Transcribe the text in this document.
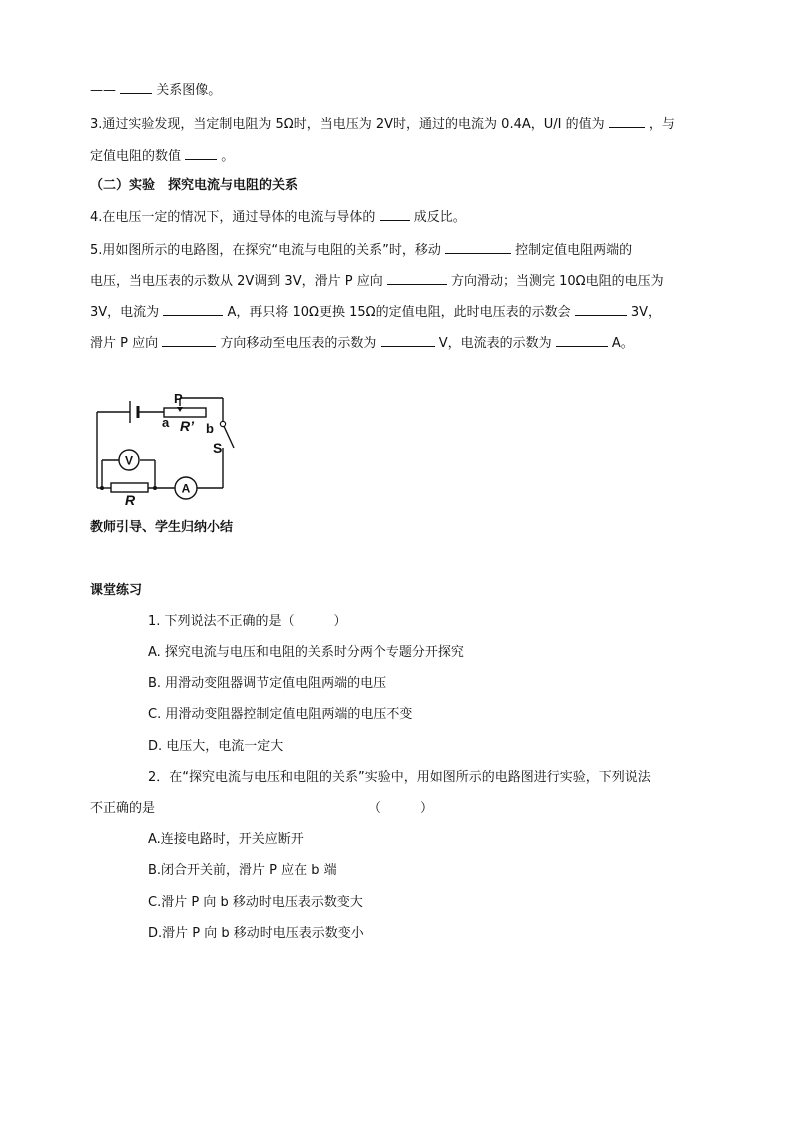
——	关系图像。
3.通过实验发现，当定制电阻为 5Ω时，当电压为 2V时，通过的电流为 0.4A，U/I 的值为	，与
定值电阻的数值	。
（二）实验　探究电流与电阻的关系
4.在电压一定的情况下，通过导体的电流与导体的	成反比。
5.用如图所示的电路图，在探究“电流与电阻的关系”时，移动	控制定值电阻两端的
电压，当电压表的示数从 2V调到 3V，滑片 P 应向	方向滑动；当测完 10Ω电阻的电压为
3V，电流为	A，再只将 10Ω更换 15Ω的定值电阻，此时电压表的示数会	3V，
滑片 P 应向	方向移动至电压表的示数为	V，电流表的示数为	A。
P
a R’ b
S
V
A
R
教师引导、学生归纳小结
课堂练习
1. 下列说法不正确的是（　　　）
A. 探究电流与电压和电阻的关系时分两个专题分开探究
B. 用滑动变阻器调节定值电阻两端的电压
C. 用滑动变阻器控制定值电阻两端的电压不变
D. 电压大，电流一定大
2．在“探究电流与电压和电阻的关系”实验中，用如图所示的电路图进行实验，下列说法
不正确的是	（　　　）
A.连接电路时，开关应断开
B.闭合开关前，滑片 P 应在 b 端
C.滑片 P 向 b 移动时电压表示数变大
D.滑片 P 向 b 移动时电压表示数变小
